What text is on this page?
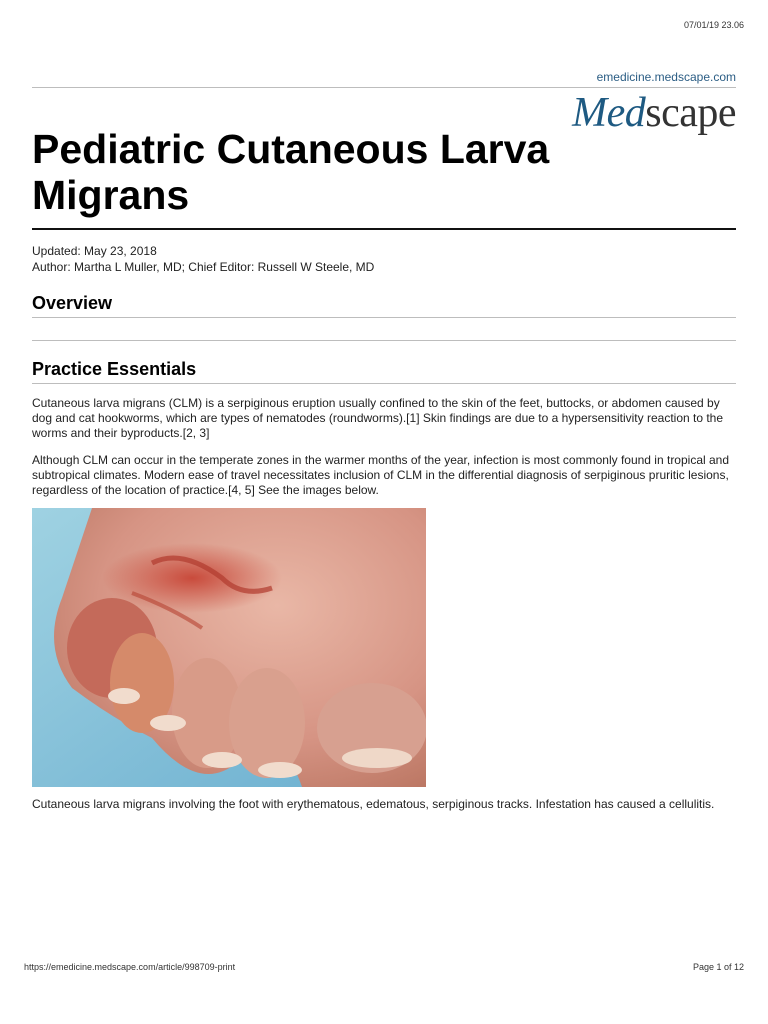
07/01/19 23.06
emedicine.medscape.com
Medscape
Pediatric Cutaneous Larva Migrans
Updated: May 23, 2018
Author: Martha L Muller, MD; Chief Editor: Russell W Steele, MD
Overview
Practice Essentials

Cutaneous larva migrans (CLM) is a serpiginous eruption usually confined to the skin of the feet, buttocks, or abdomen caused by dog and cat hookworms, which are types of nematodes (roundworms).[1] Skin findings are due to a hypersensitivity reaction to the worms and their byproducts.[2, 3]

Although CLM can occur in the temperate zones in the warmer months of the year, infection is most commonly found in tropical and subtropical climates. Modern ease of travel necessitates inclusion of CLM in the differential diagnosis of serpiginous pruritic lesions, regardless of the location of practice.[4, 5] See the images below.

Cutaneous larva migrans involving the foot with erythematous, edematous, serpiginous tracks. Infestation has caused a cellulitis.

https://emedicine.medscape.com/article/998709-print	Page 1 of 12
